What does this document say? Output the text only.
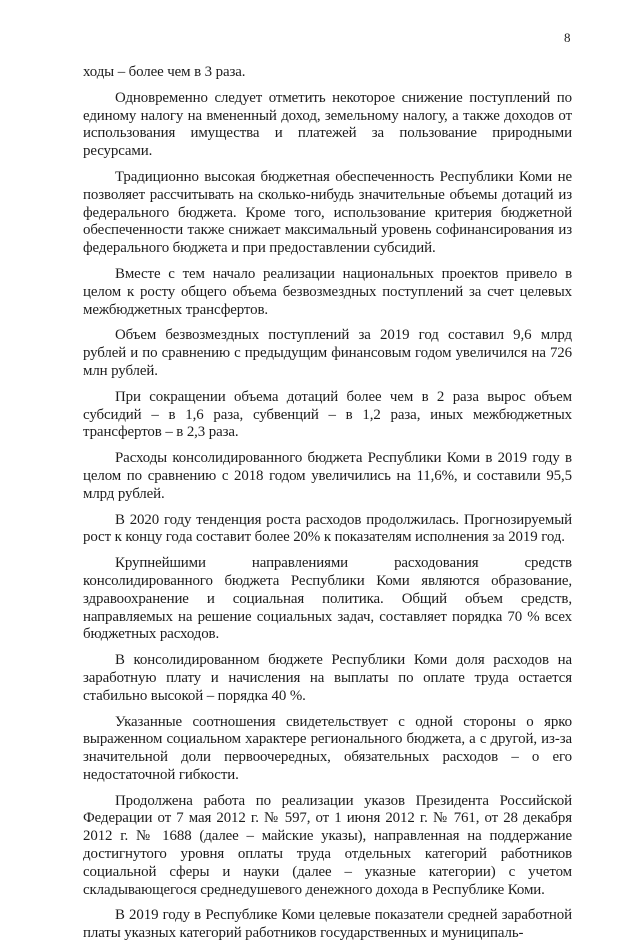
8

ходы – более чем в 3 раза.

Одновременно следует отметить некоторое снижение поступлений по единому налогу на вмененный доход, земельному налогу, а также доходов от использования имущества и платежей за пользование природными ресурсами.

Традиционно высокая бюджетная обеспеченность Республики Коми не позволяет рассчитывать на сколько-нибудь значительные объемы дотаций из федерального бюджета. Кроме того, использование критерия бюджетной обеспеченности также снижает максимальный уровень софинансирования из федерального бюджета и при предоставлении субсидий.

Вместе с тем начало реализации национальных проектов привело в целом к росту общего объема безвозмездных поступлений за счет целевых межбюджетных трансфертов.

Объем безвозмездных поступлений за 2019 год составил 9,6 млрд рублей и по сравнению с предыдущим финансовым годом увеличился на 726 млн рублей.

При сокращении объема дотаций более чем в 2 раза вырос объем субсидий – в 1,6 раза, субвенций – в 1,2 раза, иных межбюджетных трансфертов – в 2,3 раза.

Расходы консолидированного бюджета Республики Коми в 2019 году в целом по сравнению с 2018 годом увеличились на 11,6%, и составили 95,5 млрд рублей.

В 2020 году тенденция роста расходов продолжилась. Прогнозируемый рост к концу года составит более 20% к показателям исполнения за 2019 год.

Крупнейшими направлениями расходования средств консолидированного бюджета Республики Коми являются образование, здравоохранение и социальная политика. Общий объем средств, направляемых на решение социальных задач, составляет порядка 70 % всех бюджетных расходов.

В консолидированном бюджете Республики Коми доля расходов на заработную плату и начисления на выплаты по оплате труда остается стабильно высокой – порядка 40 %.

Указанные соотношения свидетельствует с одной стороны о ярко выраженном социальном характере регионального бюджета, а с другой, из-за значительной доли первоочередных, обязательных расходов – о его недостаточной гибкости.

Продолжена работа по реализации указов Президента Российской Федерации от 7 мая 2012 г. № 597, от 1 июня 2012 г. № 761, от 28 декабря 2012 г. № 1688 (далее – майские указы), направленная на поддержание достигнутого уровня оплаты труда отдельных категорий работников социальной сферы и науки (далее – указные категории) с учетом складывающегося среднедушевого денежного дохода в Республике Коми.

В 2019 году в Республике Коми целевые показатели средней заработной платы указных категорий работников государственных и муниципаль-
